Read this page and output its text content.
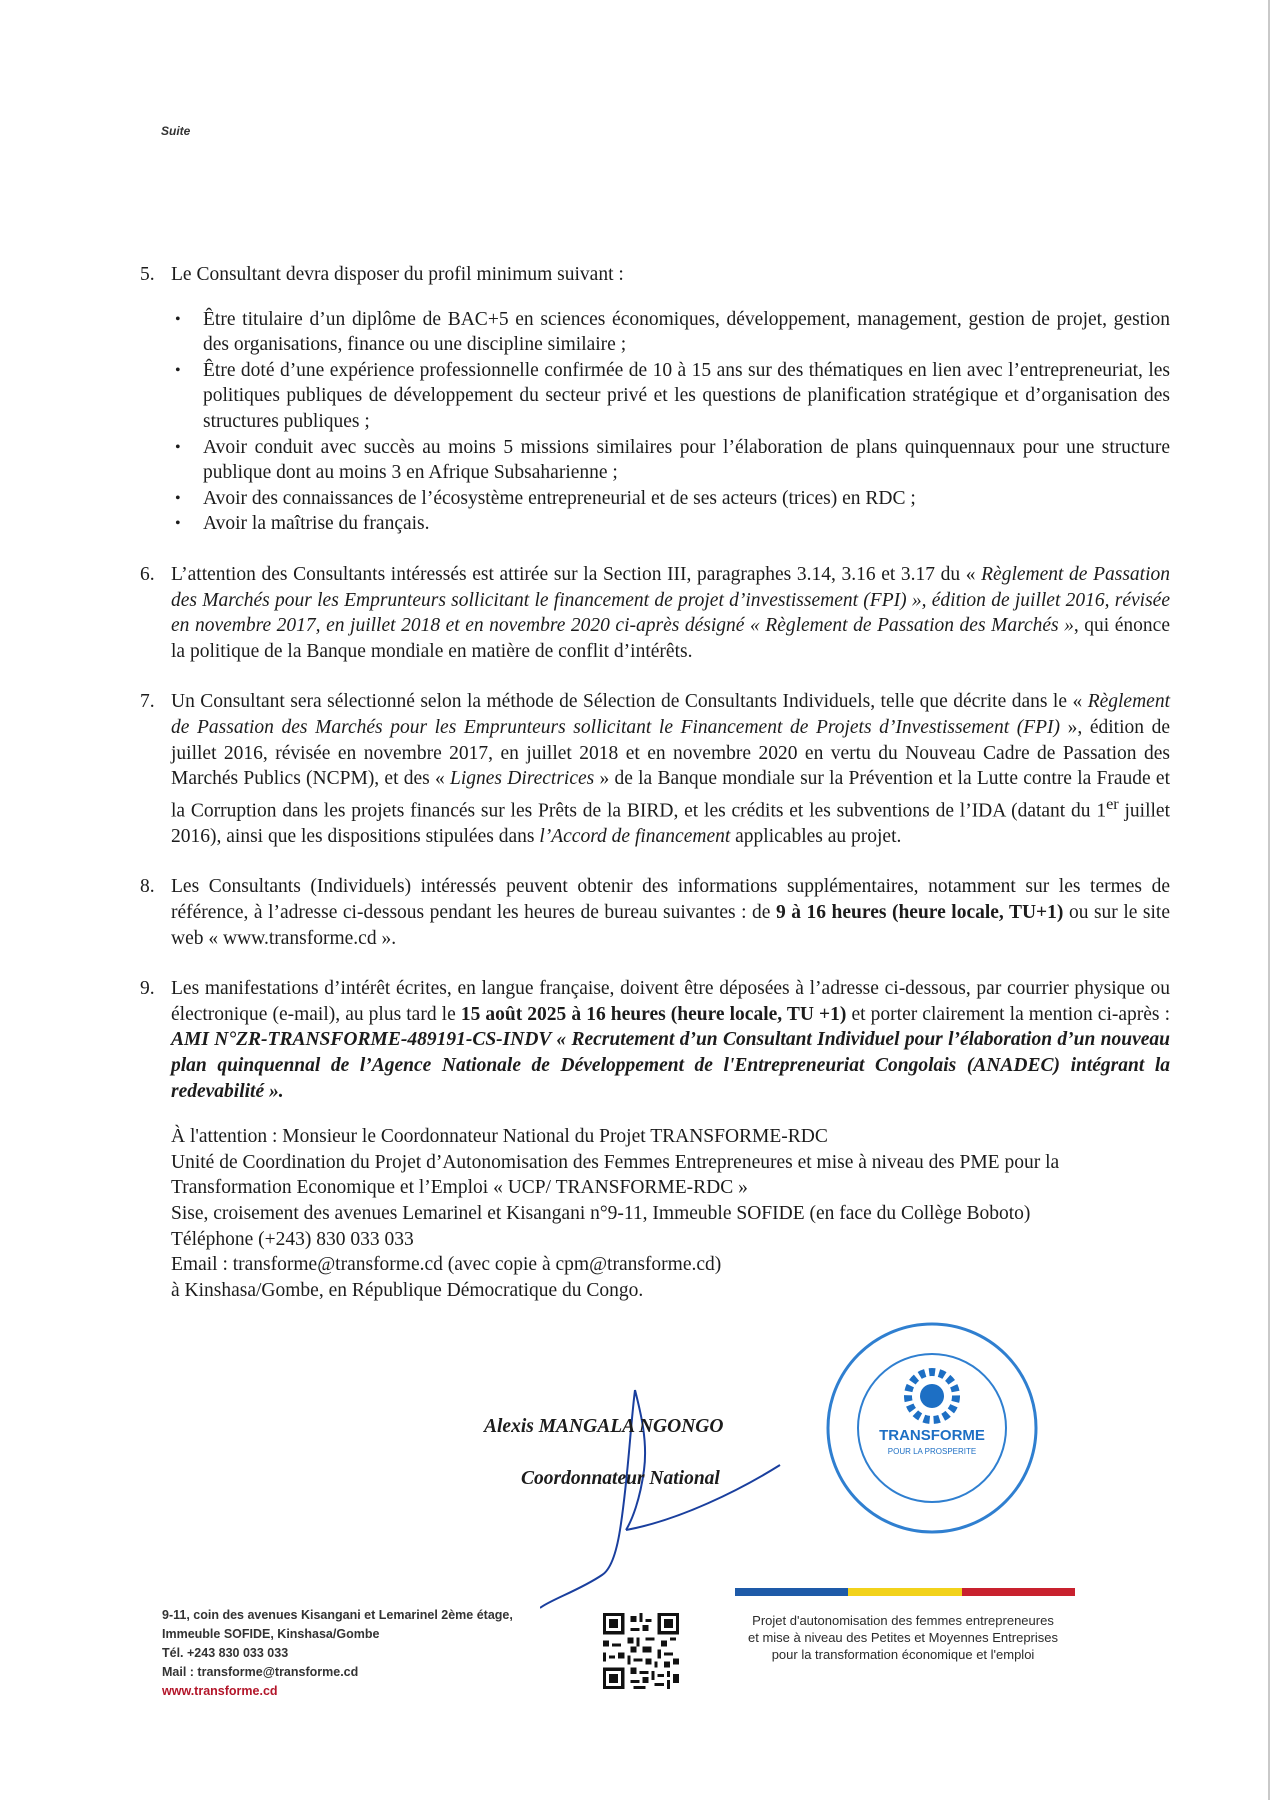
Suite
5. Le Consultant devra disposer du profil minimum suivant :
• Être titulaire d’un diplôme de BAC+5 en sciences économiques, développement, management, gestion de projet, gestion des organisations, finance ou une discipline similaire ;
• Être doté d’une expérience professionnelle confirmée de 10 à 15 ans sur des thématiques en lien avec l’entrepreneuriat, les politiques publiques de développement du secteur privé et les questions de planification stratégique et d’organisation des structures publiques ;
• Avoir conduit avec succès au moins 5 missions similaires pour l’élaboration de plans quinquennaux pour une structure publique dont au moins 3 en Afrique Subsaharienne ;
• Avoir des connaissances de l’écosystème entrepreneurial et de ses acteurs (trices) en RDC ;
• Avoir la maîtrise du français.
6. L’attention des Consultants intéressés est attirée sur la Section III, paragraphes 3.14, 3.16 et 3.17 du « Règlement de Passation des Marchés pour les Emprunteurs sollicitant le financement de projet d’investissement (FPI) », édition de juillet 2016, révisée en novembre 2017, en juillet 2018 et en novembre 2020 ci-après désigné « Règlement de Passation des Marchés », qui énonce la politique de la Banque mondiale en matière de conflit d’intérêts.
7. Un Consultant sera sélectionné selon la méthode de Sélection de Consultants Individuels, telle que décrite dans le « Règlement de Passation des Marchés pour les Emprunteurs sollicitant le Financement de Projets d’Investissement (FPI) », édition de juillet 2016, révisée en novembre 2017, en juillet 2018 et en novembre 2020 en vertu du Nouveau Cadre de Passation des Marchés Publics (NCPM), et des « Lignes Directrices » de la Banque mondiale sur la Prévention et la Lutte contre la Fraude et la Corruption dans les projets financés sur les Prêts de la BIRD, et les crédits et les subventions de l’IDA (datant du 1er juillet 2016), ainsi que les dispositions stipulées dans l’Accord de financement applicables au projet.
8. Les Consultants (Individuels) intéressés peuvent obtenir des informations supplémentaires, notamment sur les termes de référence, à l’adresse ci-dessous pendant les heures de bureau suivantes : de 9 à 16 heures (heure locale, TU+1) ou sur le site web « www.transforme.cd ».
9. Les manifestations d’intérêt écrites, en langue française, doivent être déposées à l’adresse ci-dessous, par courrier physique ou électronique (e-mail), au plus tard le 15 août 2025 à 16 heures (heure locale, TU +1) et porter clairement la mention ci-après : AMI N°ZR-TRANSFORME-489191-CS-INDV « Recrutement d’un Consultant Individuel pour l’élaboration d’un nouveau plan quinquennal de l’Agence Nationale de Développement de l'Entrepreneuriat Congolais (ANADEC) intégrant la redevabilité ».
À l'attention : Monsieur le Coordonnateur National du Projet TRANSFORME-RDC
Unité de Coordination du Projet d’Autonomisation des Femmes Entrepreneures et mise à niveau des PME pour la Transformation Economique et l’Emploi « UCP/ TRANSFORME-RDC »
Sise, croisement des avenues Lemarinel et Kisangani n°9-11, Immeuble SOFIDE (en face du Collège Boboto)
Téléphone (+243) 830 033 033
Email : transforme@transforme.cd (avec copie à cpm@transforme.cd)
à Kinshasa/Gombe, en République Démocratique du Congo.
Alexis MANGALA NGONGO
Coordonnateur National
TRANSFORME
POUR LA PROSPERITE
9-11, coin des avenues Kisangani et Lemarinel 2ème étage,
Immeuble SOFIDE, Kinshasa/Gombe
Tél. +243 830 033 033
Mail : transforme@transforme.cd
www.transforme.cd
Projet d'autonomisation des femmes entrepreneures
et mise à niveau des Petites et Moyennes Entreprises
pour la transformation économique et l'emploi
